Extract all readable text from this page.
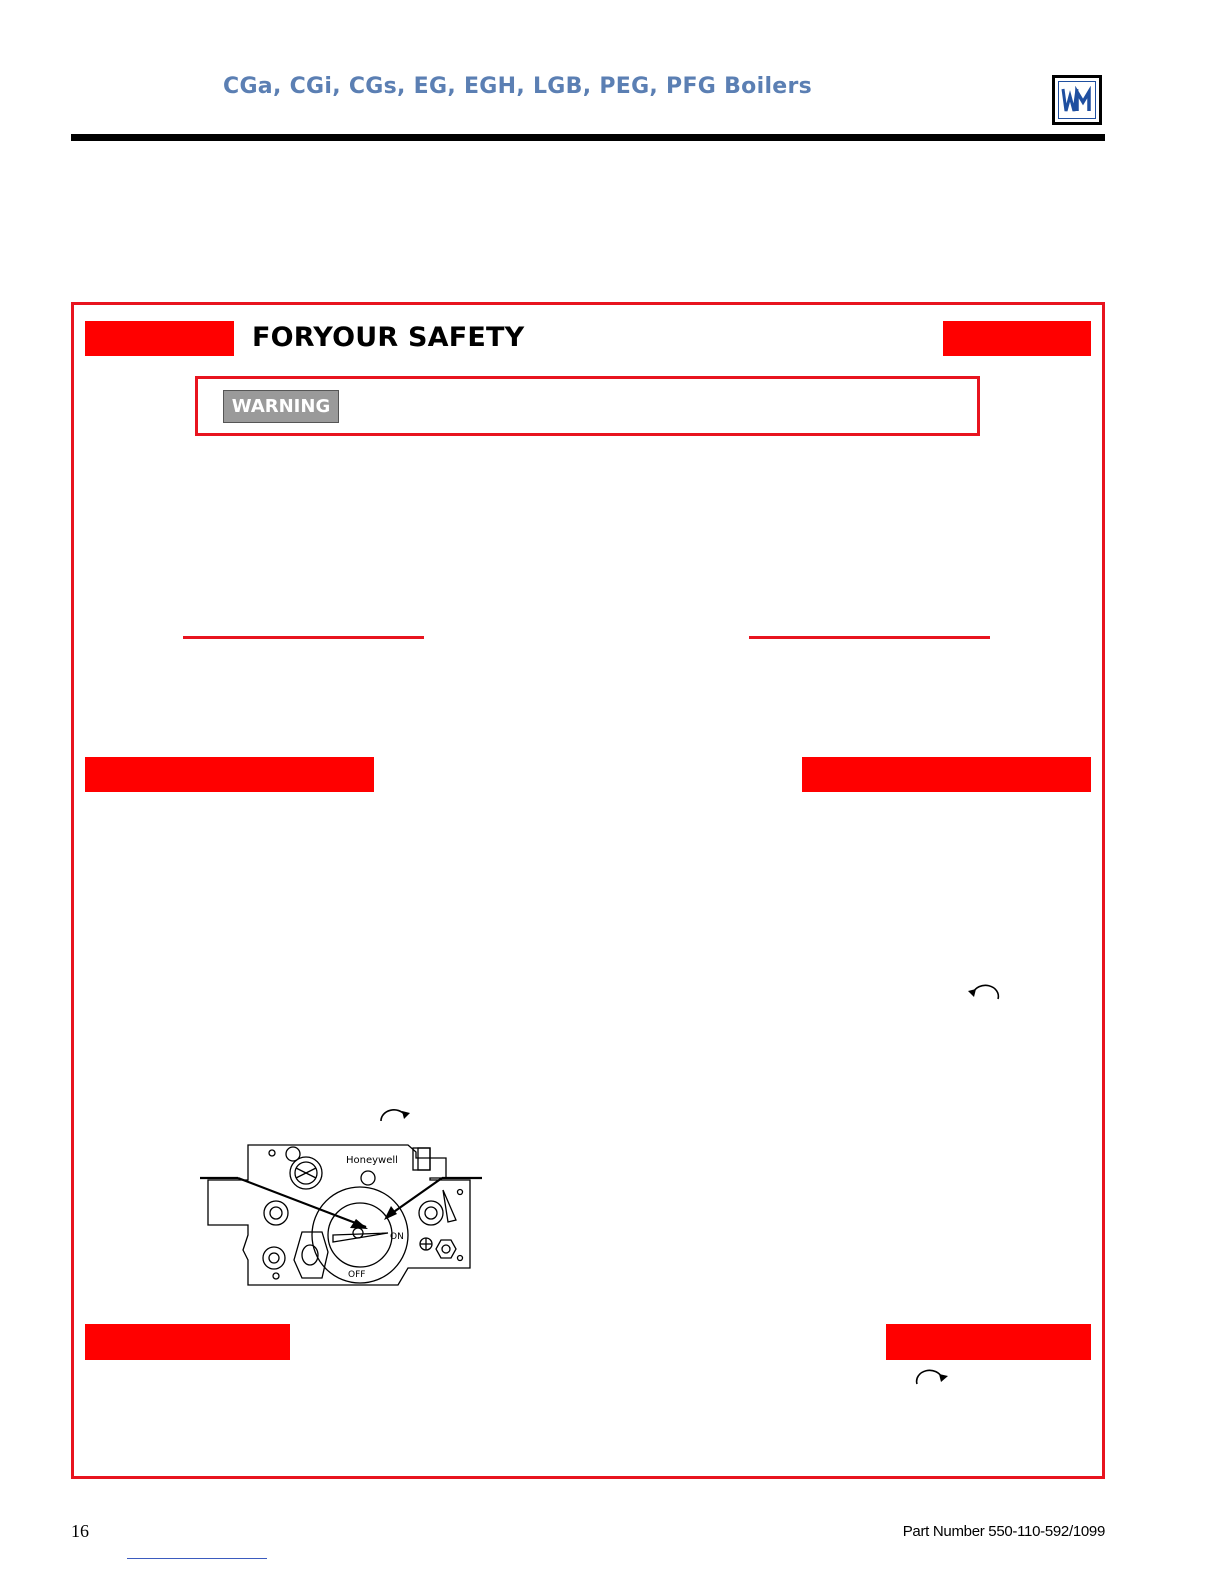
CGa, CGi, CGs, EG, EGH, LGB, PEG, PFG Boilers
FORYOUR SAFETY
WARNING
Honeywell
ON
OFF
16	Part Number 550-110-592/1099
